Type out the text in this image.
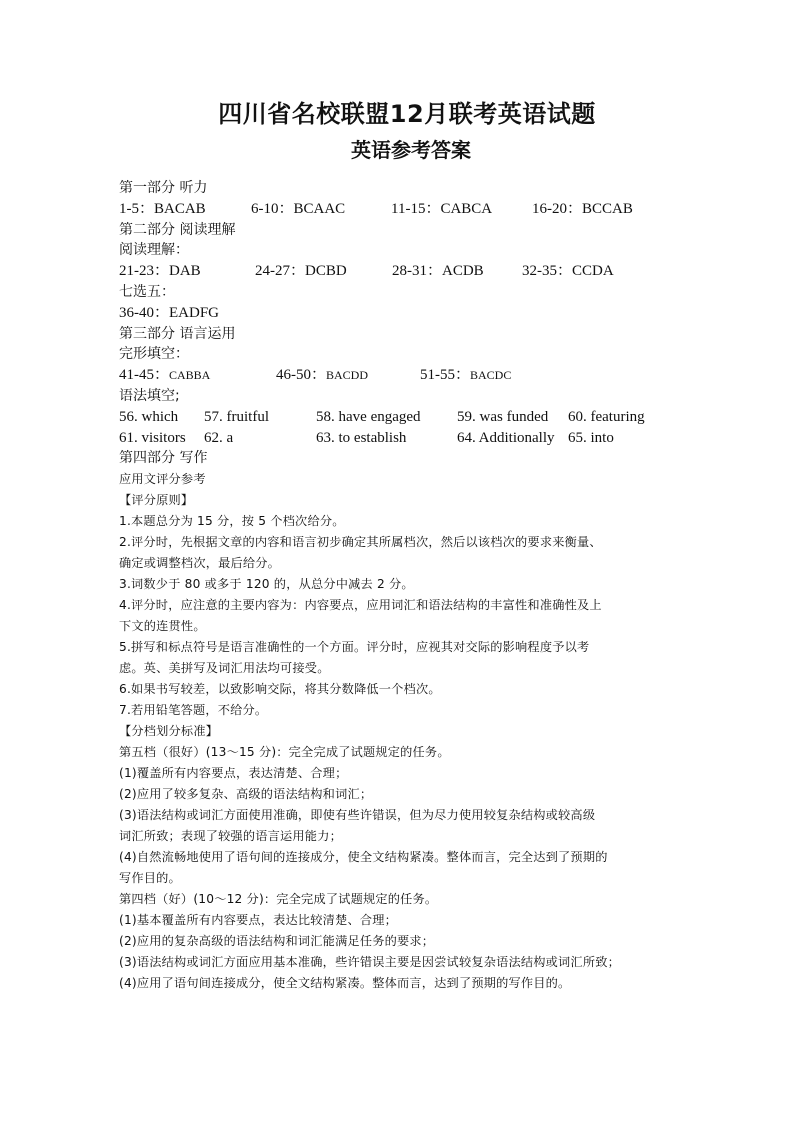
四川省名校联盟12月联考英语试题
英语参考答案
第一部分 听力
1-5：BACAB	6-10：BCAAC	11-15：CABCA	16-20：BCCAB
第二部分 阅读理解
阅读理解：
21-23：DAB	24-27：DCBD	28-31：ACDB	32-35：CCDA
七选五：
36-40：EADFG
第三部分 语言运用
完形填空：
41-45：CABBA	46-50：BACDD	51-55：BACDC
语法填空;
56. which 57. fruitful	58. have engaged 59. was funded 60. featuring
61. visitors 62. a	63. to establish	64. Additionally 65. into
第四部分 写作
应用文评分参考
【评分原则】
1.本题总分为 15 分，按 5 个档次给分。
2.评分时，先根据文章的内容和语言初步确定其所属档次，然后以该档次的要求来衡量、
确定或调整档次，最后给分。
3.词数少于 80 或多于 120 的，从总分中减去 2 分。
4.评分时，应注意的主要内容为：内容要点，应用词汇和语法结构的丰富性和准确性及上
下文的连贯性。
5.拼写和标点符号是语言准确性的一个方面。评分时，应视其对交际的影响程度予以考
虑。英、美拼写及词汇用法均可接受。
6.如果书写较差，以致影响交际，将其分数降低一个档次。
7.若用铅笔答题，不给分。
【分档划分标准】
第五档（很好）(13～15 分)：完全完成了试题规定的任务。
(1)覆盖所有内容要点，表达清楚、合理；
(2)应用了较多复杂、高级的语法结构和词汇；
(3)语法结构或词汇方面使用准确，即使有些许错误，但为尽力使用较复杂结构或较高级
词汇所致；表现了较强的语言运用能力；
(4)自然流畅地使用了语句间的连接成分，使全文结构紧凑。整体而言，完全达到了预期的
写作目的。
第四档（好）(10～12 分)：完全完成了试题规定的任务。
(1)基本覆盖所有内容要点，表达比较清楚、合理；
(2)应用的复杂高级的语法结构和词汇能满足任务的要求；
(3)语法结构或词汇方面应用基本准确，些许错误主要是因尝试较复杂语法结构或词汇所致；
(4)应用了语句间连接成分，使全文结构紧凑。整体而言，达到了预期的写作目的。
